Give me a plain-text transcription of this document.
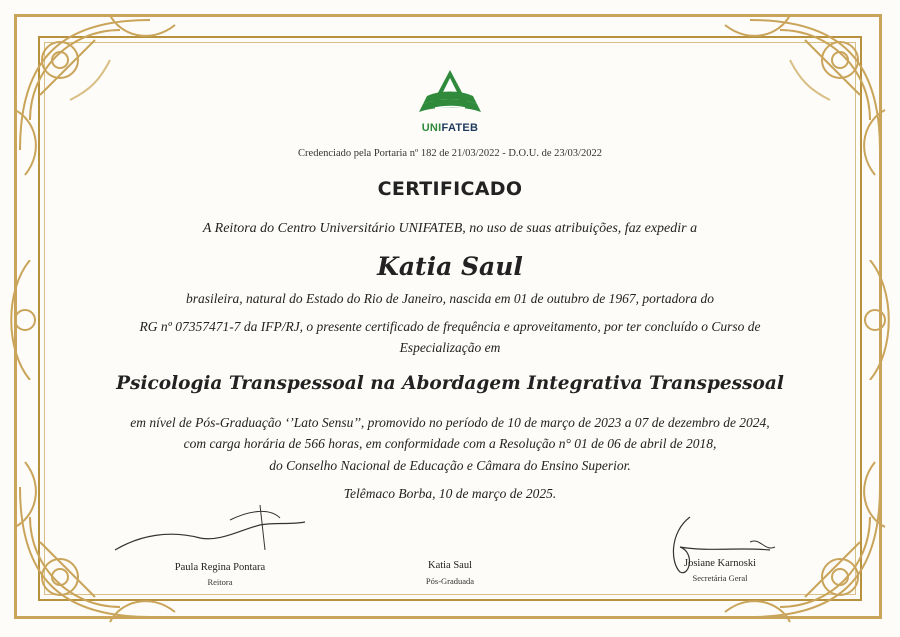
UNIFATEB
Credenciado pela Portaria nº 182 de 21/03/2022 - D.O.U. de 23/03/2022
CERTIFICADO
A Reitora do Centro Universitário UNIFATEB, no uso de suas atribuições, faz expedir a
Katia Saul
brasileira, natural do Estado do Rio de Janeiro, nascida em 01 de outubro de 1967, portadora do
RG nº 07357471-7 da IFP/RJ, o presente certificado de frequência e aproveitamento, por ter concluído o Curso de
Especialização em
Psicologia Transpessoal na Abordagem Integrativa Transpessoal
em nível de Pós-Graduação ‘’Lato Sensu’’, promovido no período de 10 de março de 2023 a 07 de dezembro de 2024,
com carga horária de 566 horas, em conformidade com a Resolução n° 01 de 06 de abril de 2018,
do Conselho Nacional de Educação e Câmara do Ensino Superior.
Telêmaco Borba, 10 de março de 2025.
Paula Regina Pontara
Reitora
Katia Saul
Pós-Graduada
Josiane Karnoski
Secretária Geral
